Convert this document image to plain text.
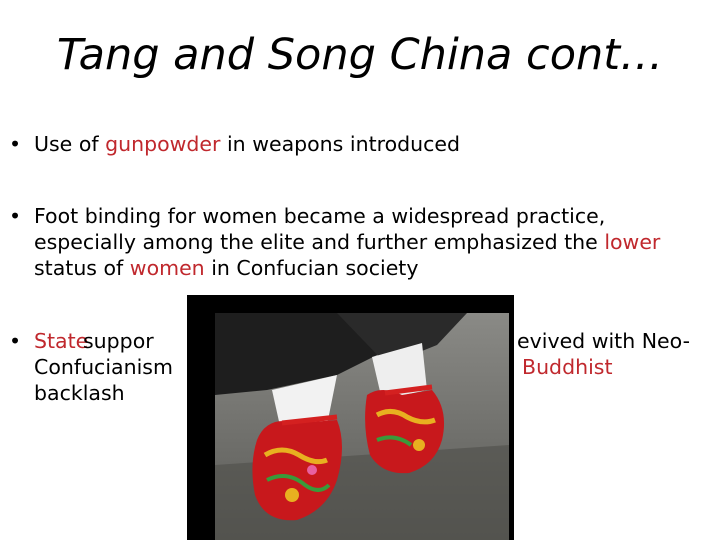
Tang and Song China cont…
• Use of gunpowder in weapons introduced
• Foot binding for women became a widespread practice, especially among the elite and further emphasized the lower status of women in Confucian society
• State
suppor	evived with Neo-
Confucianism	Buddhist
backlash
